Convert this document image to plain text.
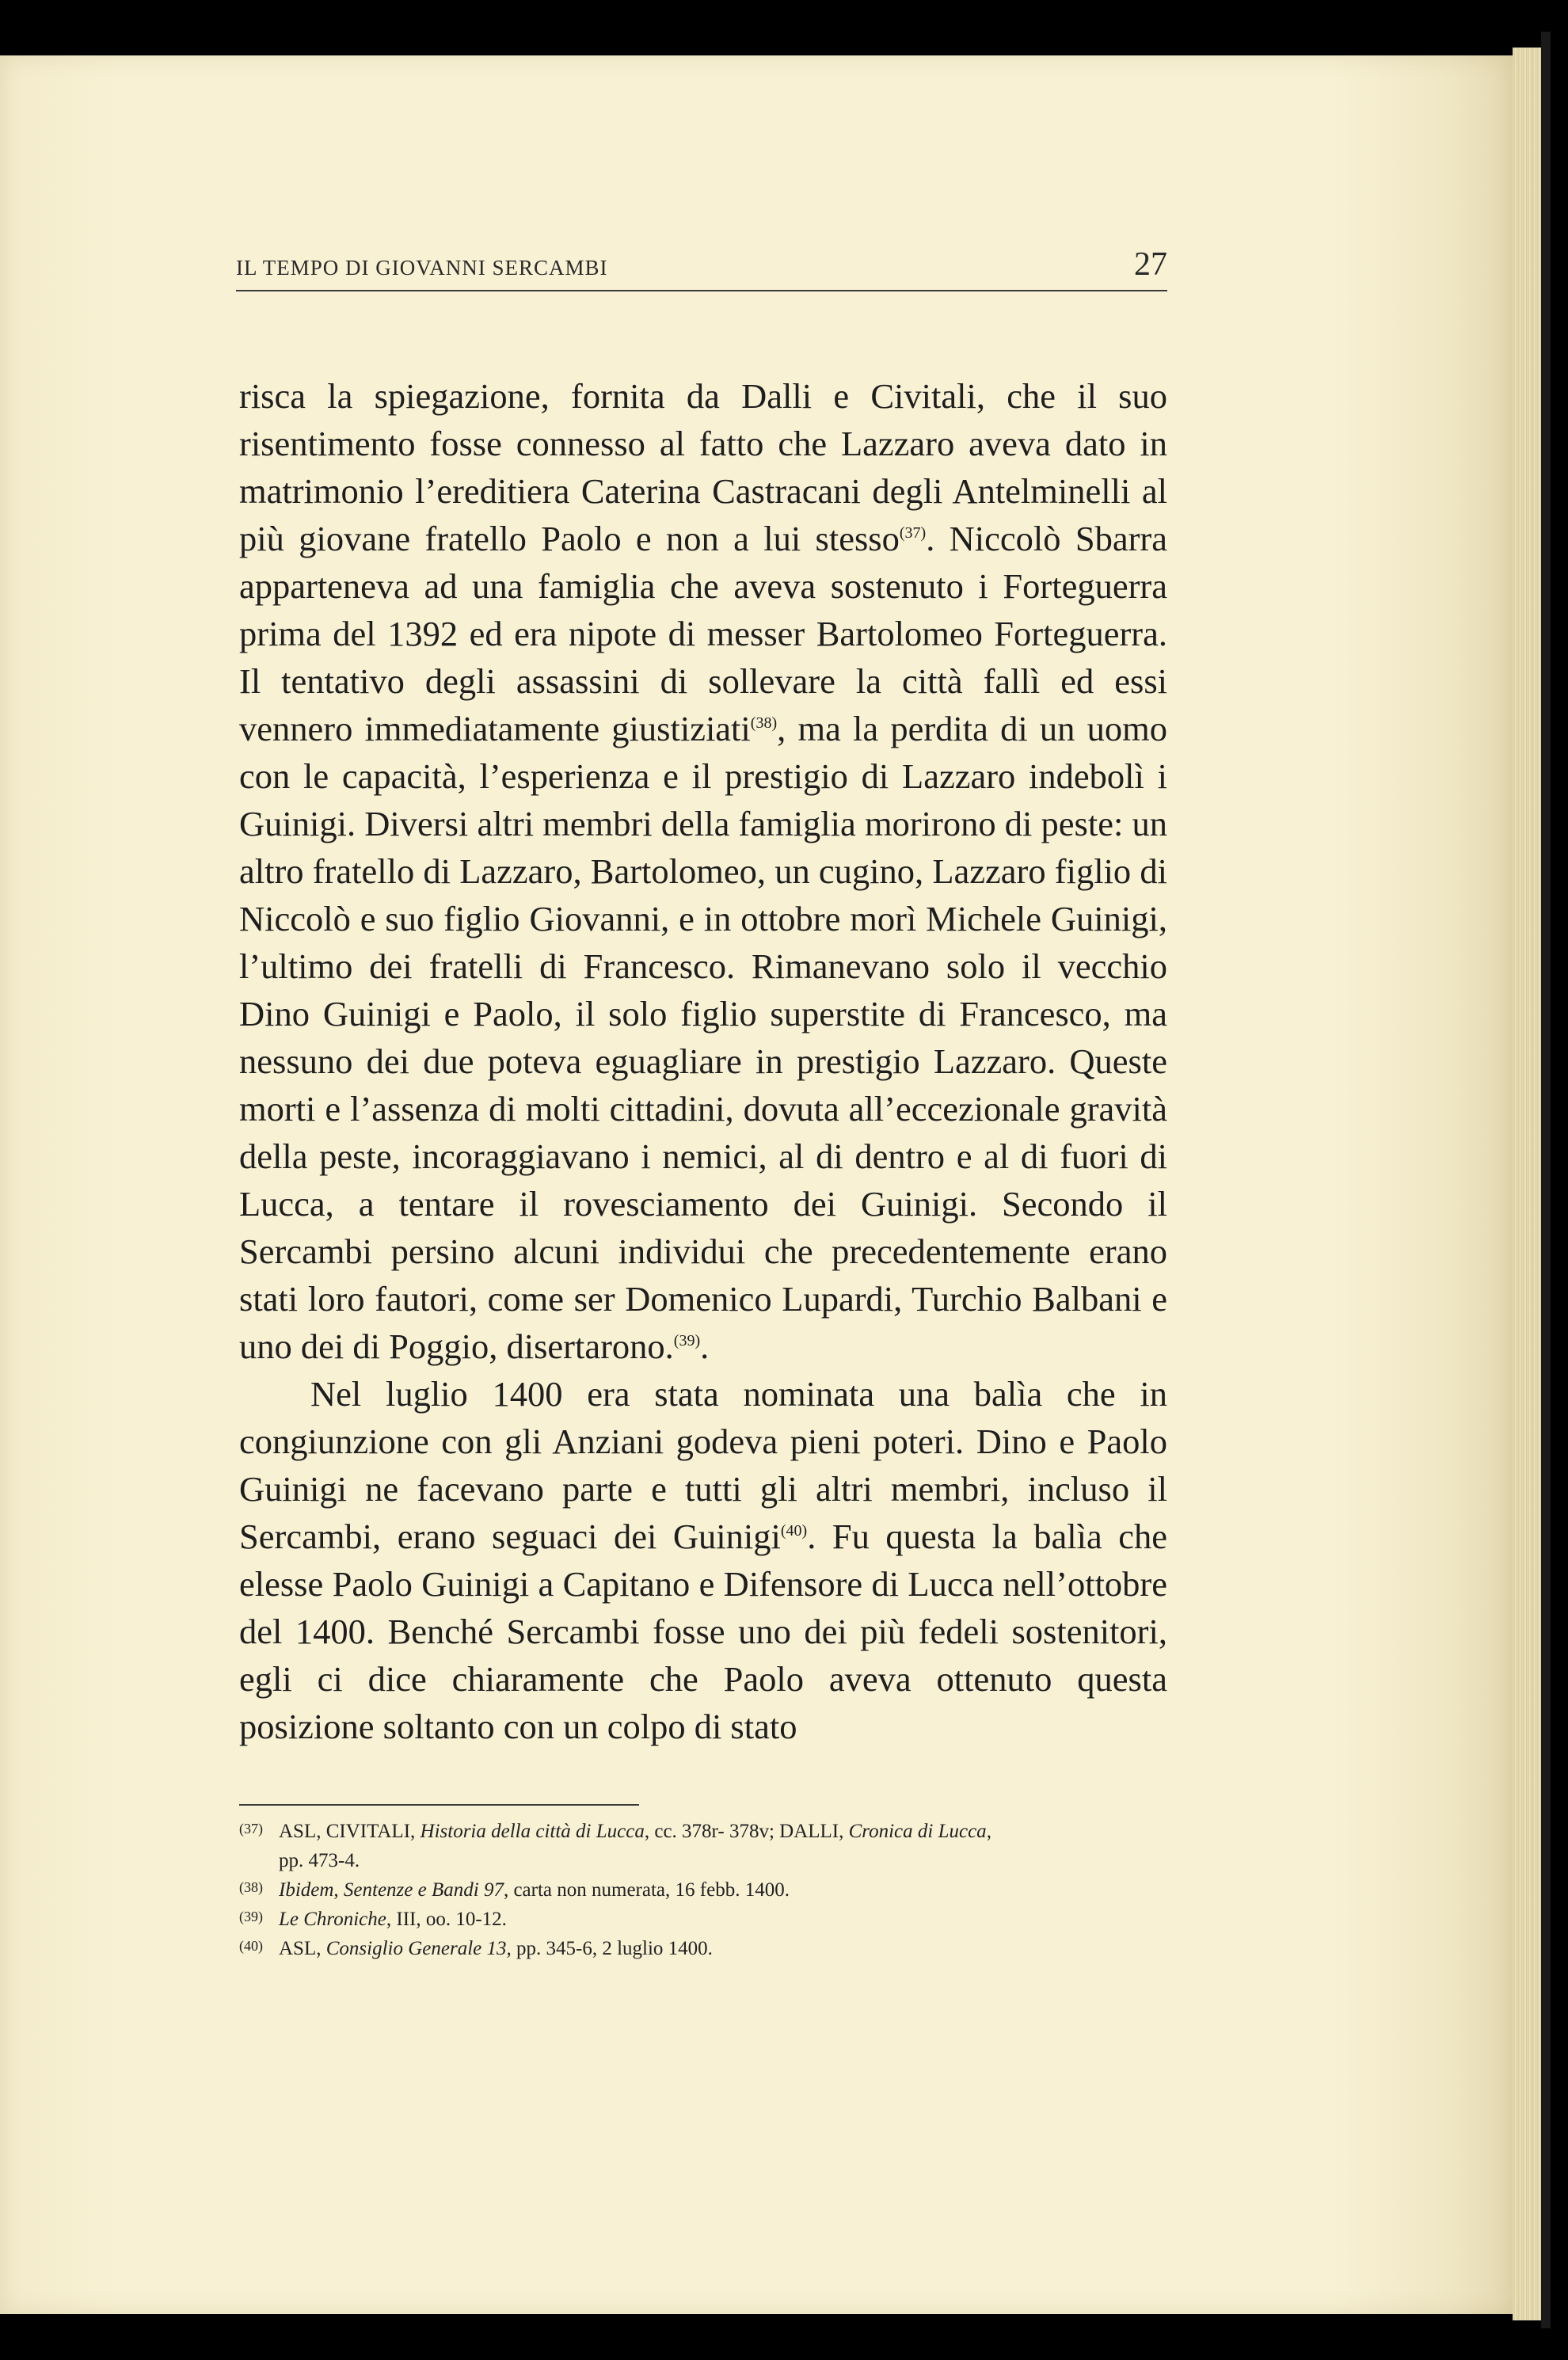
IL TEMPO DI GIOVANNI SERCAMBI	27

risca la spiegazione, fornita da Dalli e Civitali, che il suo risentimento fosse connesso al fatto che Lazzaro aveva dato in matrimonio l’ereditiera Caterina Castracani degli Antelminelli al più giovane fratello Paolo e non a lui stesso$^{(37)}$. Niccolò Sbarra apparteneva ad una famiglia che aveva sostenuto i Forteguerra prima del 1392 ed era nipote di messer Bartolomeo Forteguerra. Il tentativo degli assassini di sollevare la città fallì ed essi vennero immediatamente giustiziati$^{(38)}$, ma la perdita di un uomo con le capacità, l’esperienza e il prestigio di Lazzaro indebolì i Guinigi. Diversi altri membri della famiglia morirono di peste: un altro fratello di Lazzaro, Bartolomeo, un cugino, Lazzaro figlio di Niccolò e suo figlio Giovanni, e in ottobre morì Michele Guinigi, l’ultimo dei fratelli di Francesco. Rimanevano solo il vecchio Dino Guinigi e Paolo, il solo figlio superstite di Francesco, ma nessuno dei due poteva eguagliare in prestigio Lazzaro. Queste morti e l’assenza di molti cittadini, dovuta all’eccezionale gravità della peste, incoraggiavano i nemici, al di dentro e al di fuori di Lucca, a tentare il rovesciamento dei Guinigi. Secondo il Sercambi persino alcuni individui che precedentemente erano stati loro fautori, come ser Domenico Lupardi, Turchio Balbani e uno dei di Poggio, disertarono.$^{(39)}$.

Nel luglio 1400 era stata nominata una balìa che in congiunzione con gli Anziani godeva pieni poteri. Dino e Paolo Guinigi ne facevano parte e tutti gli altri membri, incluso il Sercambi, erano seguaci dei Guinigi$^{(40)}$. Fu questa la balìa che elesse Paolo Guinigi a Capitano e Difensore di Lucca nell’ottobre del 1400. Benché Sercambi fosse uno dei più fedeli sostenitori, egli ci dice chiaramente che Paolo aveva ottenuto questa posizione soltanto con un colpo di stato

(37) ASL, CIVITALI, Historia della città di Lucca, cc. 378r- 378v; DALLI, Cronica di Lucca,
pp. 473-4.
(38) Ibidem, Sentenze e Bandi 97, carta non numerata, 16 febb. 1400.
(39) Le Chroniche, III, oo. 10-12.
(40) ASL, Consiglio Generale 13, pp. 345-6, 2 luglio 1400.
